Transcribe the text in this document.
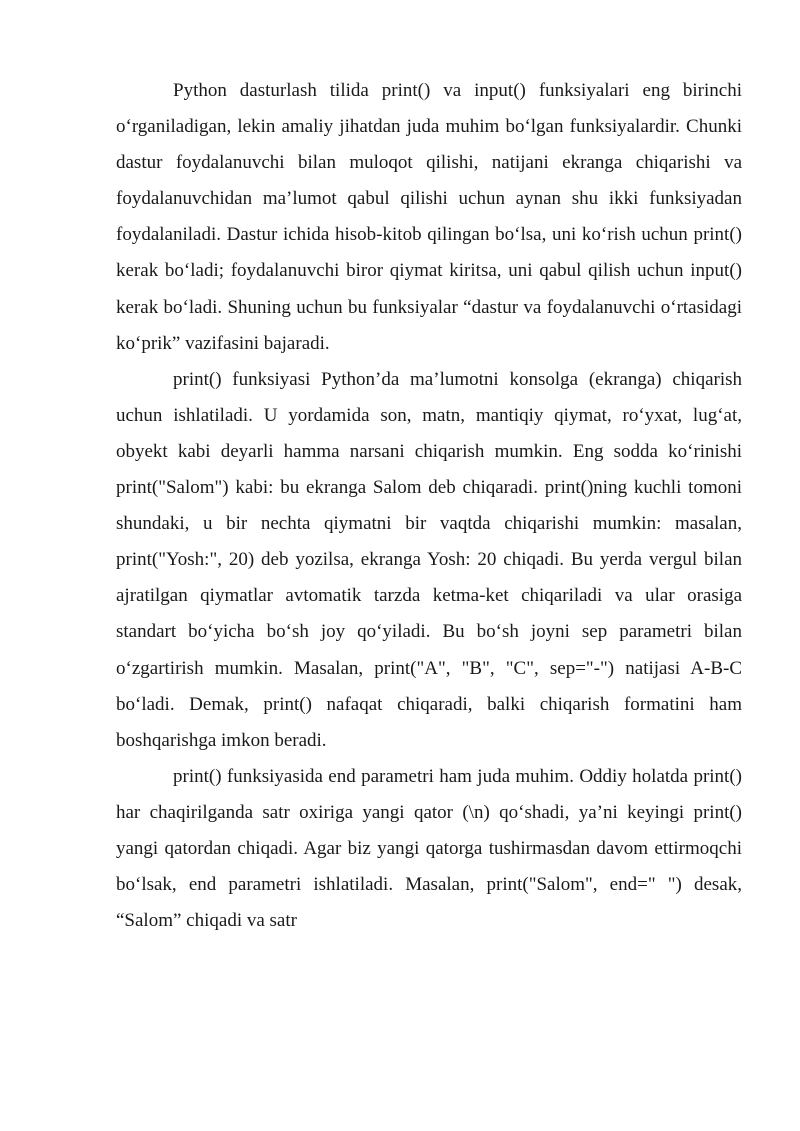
Python dasturlash tilida print() va input() funksiyalari eng birinchi o‘rganiladigan, lekin amaliy jihatdan juda muhim bo‘lgan funksiyalardir. Chunki dastur foydalanuvchi bilan muloqot qilishi, natijani ekranga chiqarishi va foydalanuvchidan ma’lumot qabul qilishi uchun aynan shu ikki funksiyadan foydalaniladi. Dastur ichida hisob-kitob qilingan bo‘lsa, uni ko‘rish uchun print() kerak bo‘ladi; foydalanuvchi biror qiymat kiritsa, uni qabul qilish uchun input() kerak bo‘ladi. Shuning uchun bu funksiyalar “dastur va foydalanuvchi o‘rtasidagi ko‘prik” vazifasini bajaradi.

print() funksiyasi Python’da ma’lumotni konsolga (ekranga) chiqarish uchun ishlatiladi. U yordamida son, matn, mantiqiy qiymat, ro‘yxat, lug‘at, obyekt kabi deyarli hamma narsani chiqarish mumkin. Eng sodda ko‘rinishi print("Salom") kabi: bu ekranga Salom deb chiqaradi. print()ning kuchli tomoni shundaki, u bir nechta qiymatni bir vaqtda chiqarishi mumkin: masalan, print("Yosh:", 20) deb yozilsa, ekranga Yosh: 20 chiqadi. Bu yerda vergul bilan ajratilgan qiymatlar avtomatik tarzda ketma-ket chiqariladi va ular orasiga standart bo‘yicha bo‘sh joy qo‘yiladi. Bu bo‘sh joyni sep parametri bilan o‘zgartirish mumkin. Masalan, print("A", "B", "C", sep="-") natijasi A-B-C bo‘ladi. Demak, print() nafaqat chiqaradi, balki chiqarish formatini ham boshqarishga imkon beradi.

print() funksiyasida end parametri ham juda muhim. Oddiy holatda print() har chaqirilganda satr oxiriga yangi qator (\n) qo‘shadi, ya’ni keyingi print() yangi qatordan chiqadi. Agar biz yangi qatorga tushirmasdan davom ettirmoqchi bo‘lsak, end parametri ishlatiladi. Masalan, print("Salom", end=" ") desak, “Salom” chiqadi va satr
